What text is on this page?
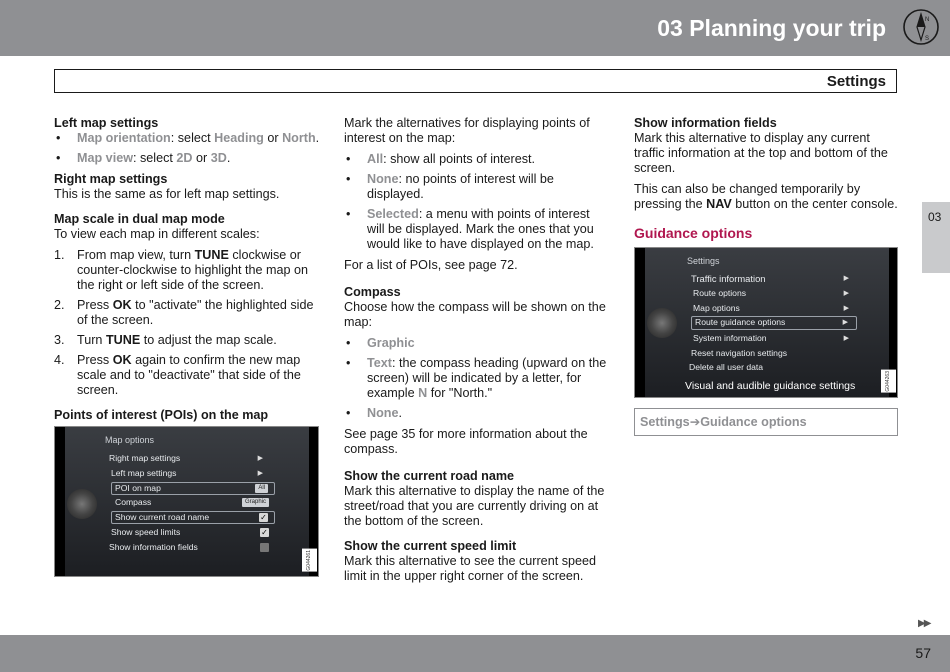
03 Planning your trip	N
S
Settings
03
Left map settings
• Map orientation: select Heading or North.
• Map view: select 2D or 3D.
Right map settings

This is the same as for left map settings.

Map scale in dual map mode

To view each map in different scales:

1. From map view, turn TUNE clockwise or counter-clockwise to highlight the map on the right or left side of the screen.
2. Press OK to "activate" the highlighted side of the screen.
3. Turn TUNE to adjust the map scale.
4. Press OK again to confirm the new map scale and to "deactivate" that side of the screen.
Points of interest (POIs) on the map
Map options
Right map settings	▶
Left map settings	▶
POI on map	All
Compass	Graphic
Show current road name	✓
Show speed limits	✓
Show information fields
G044261

Mark the alternatives for displaying points of interest on the map:

• All: show all points of interest.
• None: no points of interest will be displayed.
• Selected: a menu with points of interest will be displayed. Mark the ones that you would like to have displayed on the map.

For a list of POIs, see page 72.

Compass

Choose how the compass will be shown on the map:

• Graphic
• Text: the compass heading (upward on the screen) will be indicated by a letter, for example N for "North."
• None.

See page 35 for more information about the compass.

Show the current road name

Mark this alternative to display the name of the street/road that you are currently driving on at the bottom of the screen.

Show the current speed limit

Mark this alternative to see the current speed limit in the upper right corner of the screen.

Show information fields

Mark this alternative to display any current traffic information at the top and bottom of the screen.

This can also be changed temporarily by pressing the NAV button on the center console.

Guidance options
Settings
Traffic information	▶
Route options	▶
Map options	▶
Route guidance options	▶
System information	▶
Reset navigation settings
Delete all user data
Visual and audible guidance settings	G044263
Settings➔Guidance options
▶▶
57
